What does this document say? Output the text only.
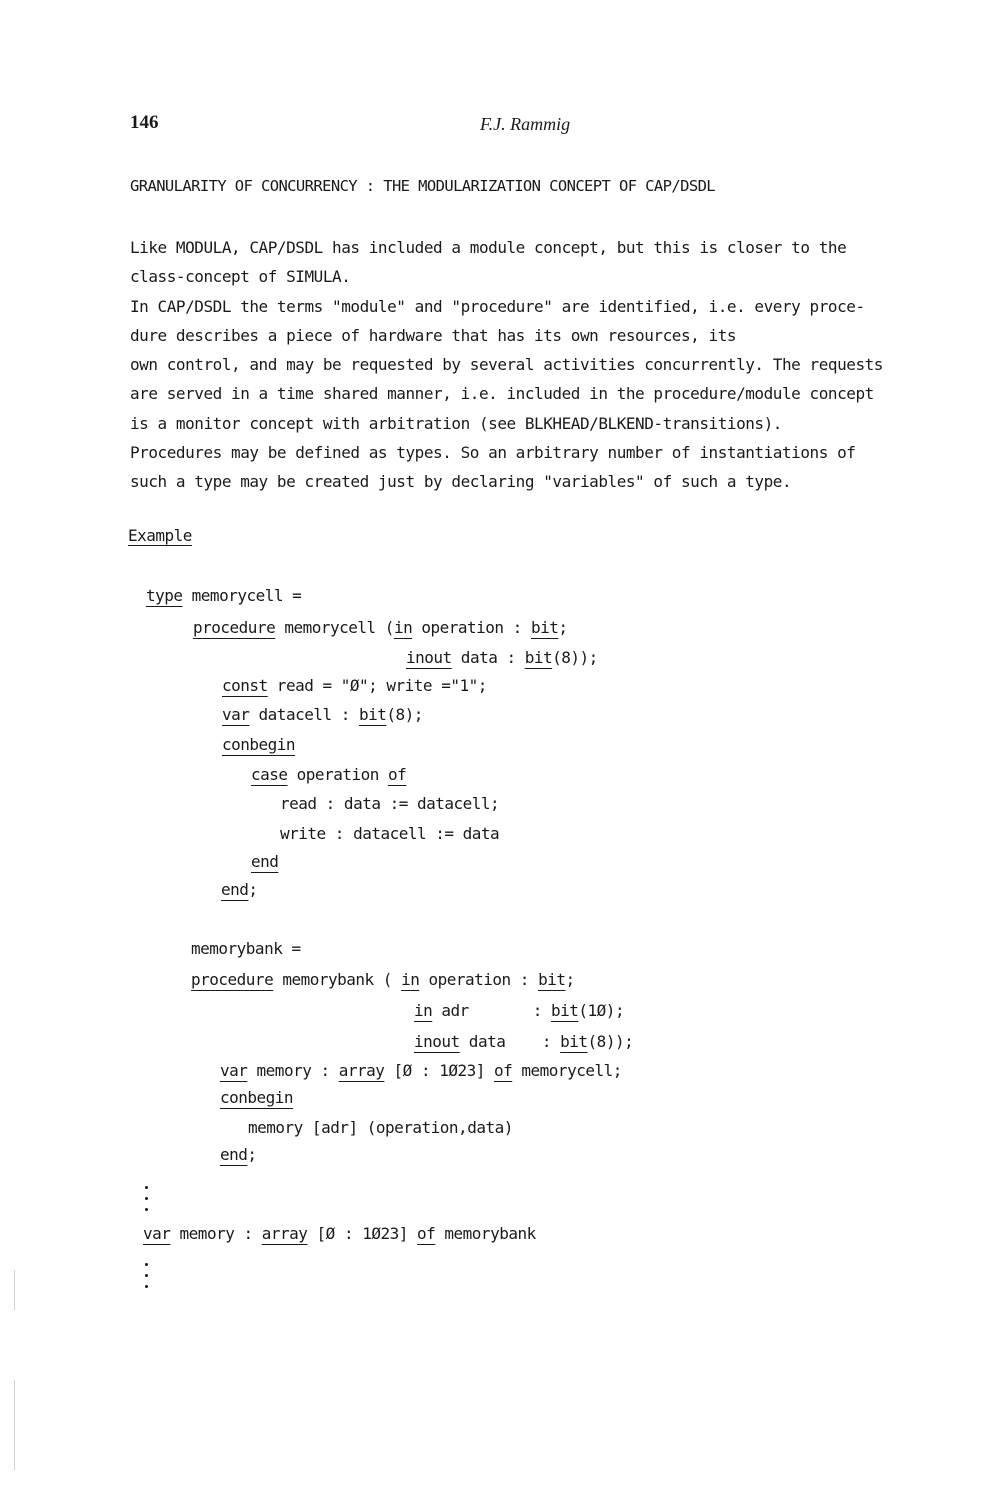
146	F.J. Rammig
GRANULARITY OF CONCURRENCY : THE MODULARIZATION CONCEPT OF CAP/DSDL
Like MODULA, CAP/DSDL has included a module concept, but this is closer to the
class-concept of SIMULA.
In CAP/DSDL the terms "module" and "procedure" are identified, i.e. every proce-
dure describes a piece of hardware that has its own resources, its
own control, and may be requested by several activities concurrently. The requests
are served in a time shared manner, i.e. included in the procedure/module concept
is a monitor concept with arbitration (see BLKHEAD/BLKEND-transitions).
Procedures may be defined as types. So an arbitrary number of instantiations of
such a type may be created just by declaring "variables" of such a type.
Example
type memorycell =
procedure memorycell (in operation : bit;
inout data : bit(8));
const read = "Ø"; write ="1";
var datacell : bit(8);
conbegin
case operation of
read : data := datacell;
write : datacell := data
end
end;
memorybank =
procedure memorybank ( in operation : bit;
in adr       : bit(1Ø);
inout data    : bit(8));
var memory : array [Ø : 1Ø23] of memorycell;
conbegin
memory [adr] (operation,data)
end;
var memory : array [Ø : 1Ø23] of memorybank
